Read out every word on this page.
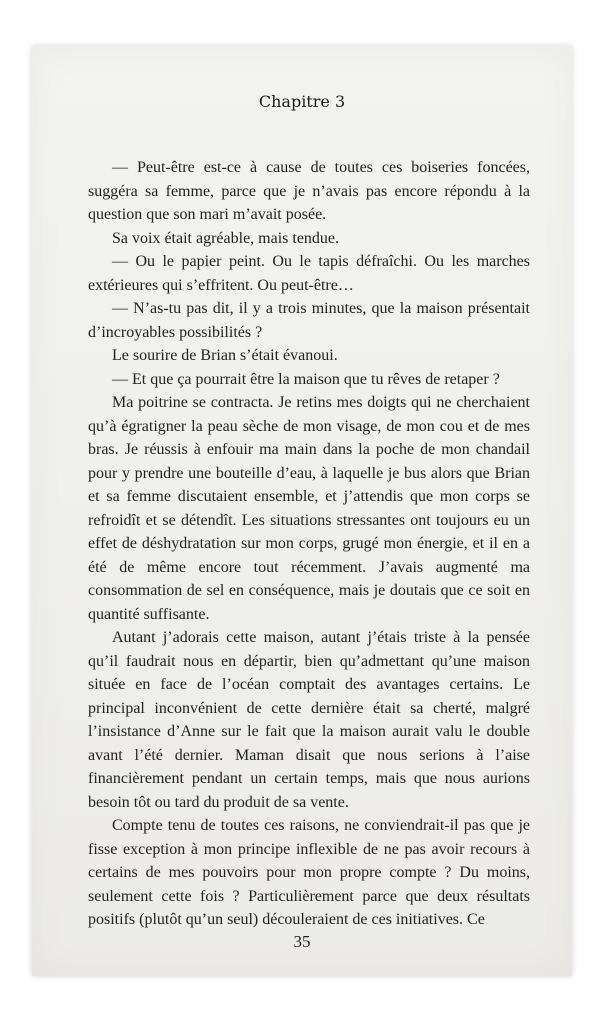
Chapitre 3

— Peut-être est-ce à cause de toutes ces boiseries foncées, suggéra sa femme, parce que je n’avais pas encore répondu à la question que son mari m’avait posée.

Sa voix était agréable, mais tendue.

— Ou le papier peint. Ou le tapis défraîchi. Ou les marches extérieures qui s’effritent. Ou peut-être…

— N’as-tu pas dit, il y a trois minutes, que la maison présentait d’incroyables possibilités ?

Le sourire de Brian s’était évanoui.

— Et que ça pourrait être la maison que tu rêves de retaper ?

Ma poitrine se contracta. Je retins mes doigts qui ne cherchaient qu’à égratigner la peau sèche de mon visage, de mon cou et de mes bras. Je réussis à enfouir ma main dans la poche de mon chandail pour y prendre une bouteille d’eau, à laquelle je bus alors que Brian et sa femme discutaient ensemble, et j’attendis que mon corps se refroidît et se détendît. Les situations stressantes ont toujours eu un effet de déshydratation sur mon corps, grugé mon énergie, et il en a été de même encore tout récemment. J’avais augmenté ma consommation de sel en conséquence, mais je doutais que ce soit en quantité suffisante.

Autant j’adorais cette maison, autant j’étais triste à la pensée qu’il faudrait nous en départir, bien qu’admettant qu’une maison située en face de l’océan comptait des avantages certains. Le principal inconvénient de cette dernière était sa cherté, malgré l’insistance d’Anne sur le fait que la maison aurait valu le double avant l’été dernier. Maman disait que nous serions à l’aise financièrement pendant un certain temps, mais que nous aurions besoin tôt ou tard du produit de sa vente.

Compte tenu de toutes ces raisons, ne conviendrait-il pas que je fisse exception à mon principe inflexible de ne pas avoir recours à certains de mes pouvoirs pour mon propre compte ? Du moins, seulement cette fois ? Particulièrement parce que deux résultats positifs (plutôt qu’un seul) découleraient de ces initiatives. Ce

35
